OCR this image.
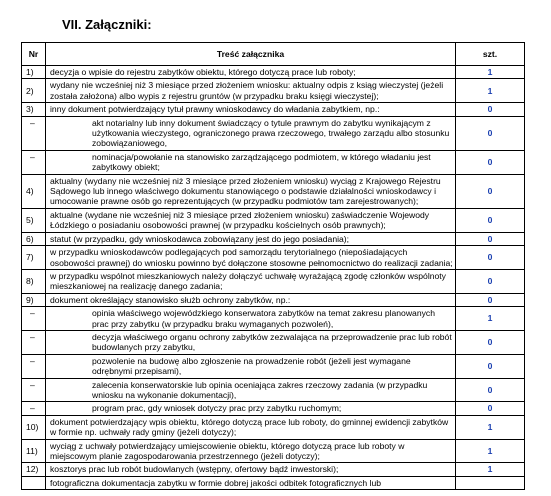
VII. Załączniki:
Nr	Treść załącznika	szt.
1)	decyzja o wpisie do rejestru zabytków obiektu, którego dotyczą prace lub roboty;	1
2)	wydany nie wcześniej niż 3 miesiące przed złożeniem wniosku: aktualny odpis z ksiąg wieczystej (jeżeli została założona) albo wypis z rejestru gruntów (w przypadku braku księgi wieczystej);	1
3)	inny dokument potwierdzający tytuł prawny wnioskodawcy do władania zabytkiem, np.:	0

	– akt notarialny lub inny dokument świadczący o tytule prawnym do zabytku wynikającym z użytkowania wieczystego, ograniczonego prawa rzeczowego, trwałego zarządu albo stosunku zobowiązaniowego,	0

	– nominacja/powołanie na stanowisko zarządzającego podmiotem, w którego władaniu jest zabytkowy obiekt;	0
4)	aktualny (wydany nie wcześniej niż 3 miesiące przed złożeniem wniosku) wyciąg z Krajowego Rejestru Sądowego lub innego właściwego dokumentu stanowiącego o podstawie działalności wnioskodawcy i umocowanie prawne osób go reprezentujących (w przypadku podmiotów tam zarejestrowanych);	0
5)	aktualne (wydane nie wcześniej niż 3 miesiące przed złożeniem wniosku) zaświadczenie Wojewody Łódzkiego o posiadaniu osobowości prawnej (w przypadku kościelnych osób prawnych);	0
6)	statut (w przypadku, gdy wnioskodawca zobowiązany jest do jego posiadania);	0
7)	w przypadku wnioskodawców podlegających pod samorządu terytorialnego (niepośiadających osobowości prawnej) do wniosku powinno być dołączone stosowne pełnomocnictwo do realizacji zadania;	0
8)	w przypadku wspólnot mieszkaniowych należy dołączyć uchwałę wyrażającą zgodę członków wspólnoty mieszkaniowej na realizację danego zadania;	0
9)	dokument określający stanowisko służb ochrony zabytków, np.:	0

	– opinia właściwego wojewódzkiego konserwatora zabytków na temat zakresu planowanych prac przy zabytku (w przypadku braku wymaganych pozwoleń),	1

	– decyzja właściwego organu ochrony zabytków zezwalająca na przeprowadzenie prac lub robót budowlanych przy zabytku,	0

	– pozwolenie na budowę albo zgłoszenie na prowadzenie robót (jeżeli jest wymagane odrębnymi przepisami),	0

	– zalecenia konserwatorskie lub opinia oceniająca zakres rzeczowy zadania (w przypadku wniosku na wykonanie dokumentacji),	0

	– program prac, gdy wniosek dotyczy prac przy zabytku ruchomym;	0
10)	dokument potwierdzający wpis obiektu, którego dotyczą prace lub roboty, do gminnej ewidencji zabytków w formie np. uchwały rady gminy (jeżeli dotyczy);	1
11)	wyciąg z uchwały potwierdzający umiejscowienie obiektu, którego dotyczą prace lub roboty w miejscowym planie zagospodarowania przestrzennego (jeżeli dotyczy);	1
12)	kosztorys prac lub robót budowlanych (wstępny, ofertowy bądź inwestorski);	1
	fotograficzna dokumentacja zabytku w formie dobrej jakości odbitek fotograficznych lub	
